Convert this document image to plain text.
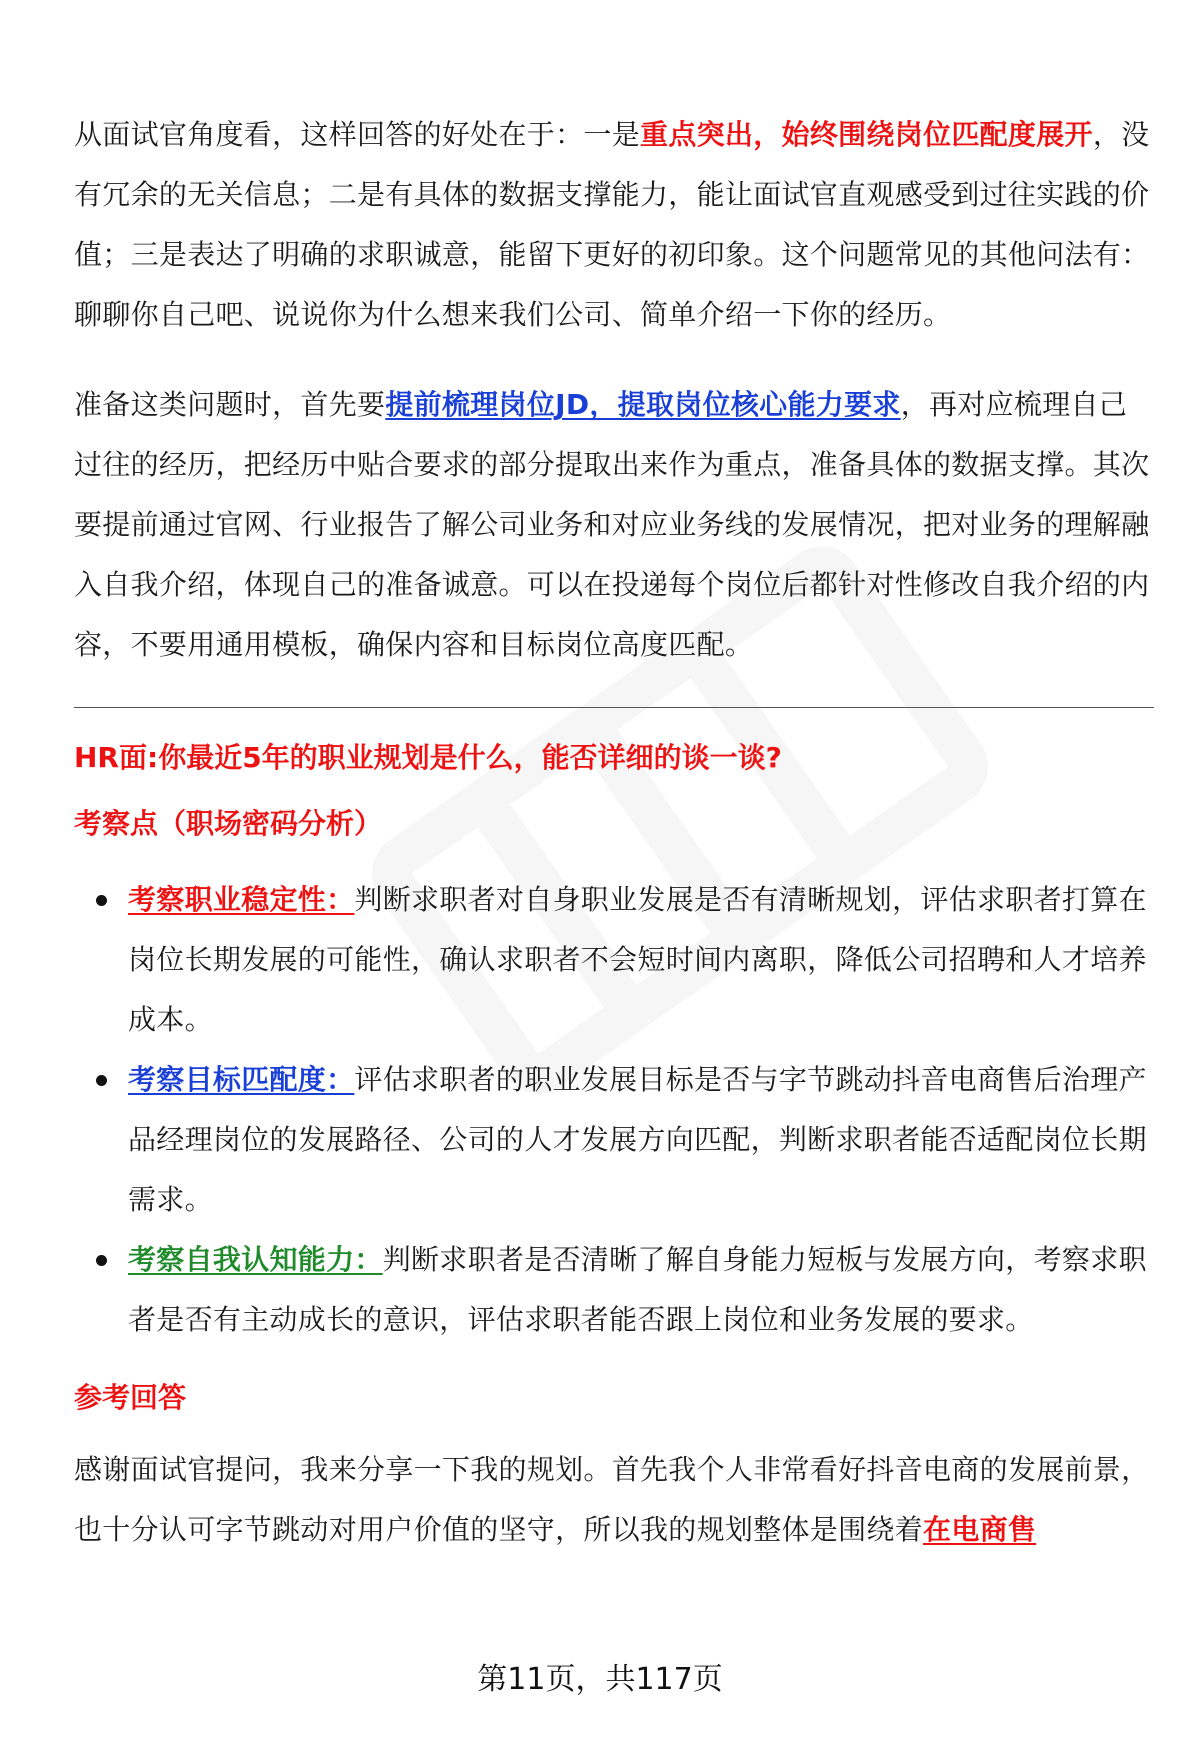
从面试官角度看，这样回答的好处在于：一是重点突出，始终围绕岗位匹配度展开，没有冗余的无关信息；二是有具体的数据支撑能力，能让面试官直观感受到过往实践的价值；三是表达了明确的求职诚意，能留下更好的初印象。这个问题常见的其他问法有：聊聊你自己吧、说说你为什么想来我们公司、简单介绍一下你的经历。

准备这类问题时，首先要提前梳理岗位JD，提取岗位核心能力要求，再对应梳理自己过往的经历，把经历中贴合要求的部分提取出来作为重点，准备具体的数据支撑。其次要提前通过官网、行业报告了解公司业务和对应业务线的发展情况，把对业务的理解融入自我介绍，体现自己的准备诚意。可以在投递每个岗位后都针对性修改自我介绍的内容，不要用通用模板，确保内容和目标岗位高度匹配。

HR面:你最近5年的职业规划是什么，能否详细的谈一谈?
考察点（职场密码分析）
考察职业稳定性：判断求职者对自身职业发展是否有清晰规划，评估求职者打算在岗位长期发展的可能性，确认求职者不会短时间内离职，降低公司招聘和人才培养成本。
考察目标匹配度：评估求职者的职业发展目标是否与字节跳动抖音电商售后治理产品经理岗位的发展路径、公司的人才发展方向匹配，判断求职者能否适配岗位长期需求。
考察自我认知能力：判断求职者是否清晰了解自身能力短板与发展方向，考察求职者是否有主动成长的意识，评估求职者能否跟上岗位和业务发展的要求。
参考回答

感谢面试官提问，我来分享一下我的规划。首先我个人非常看好抖音电商的发展前景，也十分认可字节跳动对用户价值的坚守，所以我的规划整体是围绕着在电商售

第11页，共117页
